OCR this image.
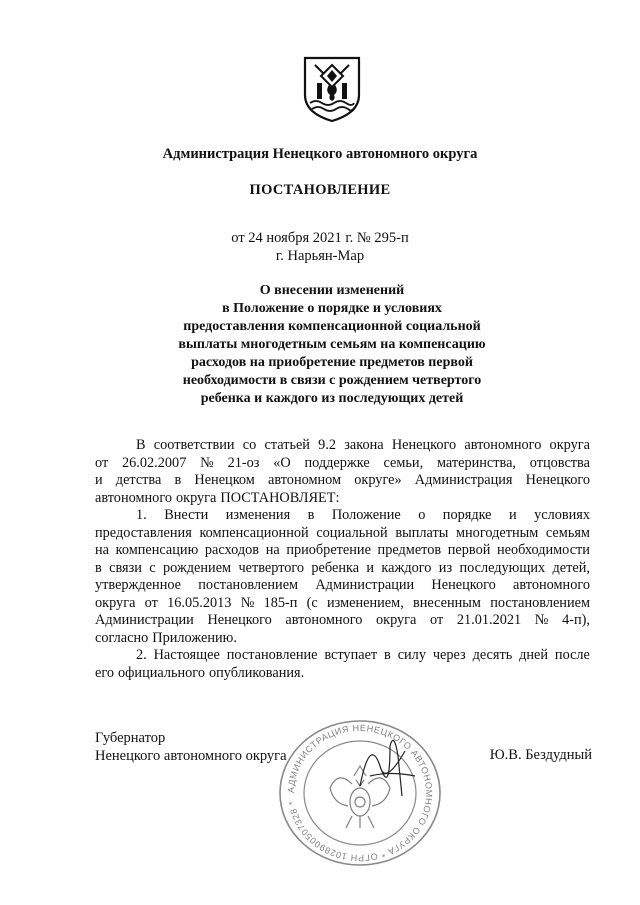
Администрация Ненецкого автономного округа
ПОСТАНОВЛЕНИЕ
от 24 ноября 2021 г. № 295-п
г. Нарьян-Мар
О внесении изменений
в Положение о порядке и условиях
предоставления компенсационной социальной
выплаты многодетным семьям на компенсацию
расходов на приобретение предметов первой
необходимости в связи с рождением четвертого
ребенка и каждого из последующих детей
В соответствии со статьей 9.2 закона Ненецкого автономного округа
от 26.02.2007 № 21-оз «О поддержке семьи, материнства, отцовства
и детства в Ненецком автономном округе» Администрация Ненецкого
автономного округа ПОСТАНОВЛЯЕТ:
1. Внести изменения в Положение о порядке и условиях
предоставления компенсационной социальной выплаты многодетным семьям
на компенсацию расходов на приобретение предметов первой необходимости
в связи с рождением четвертого ребенка и каждого из последующих детей,
утвержденное постановлением Администрации Ненецкого автономного
округа от 16.05.2013 № 185-п (с изменением, внесенным постановлением
Администрации Ненецкого автономного округа от 21.01.2021 № 4-п),
согласно Приложению.
2. Настоящее постановление вступает в силу через десять дней после
его официального опубликования.
Губернатор
Ненецкого автономного округа	Ю.В. Бездудный
АДМИНИСТРАЦИЯ НЕНЕЦКОГО АВТОНОМНОГО ОКРУГА * ОГРН 1028900507328 *
